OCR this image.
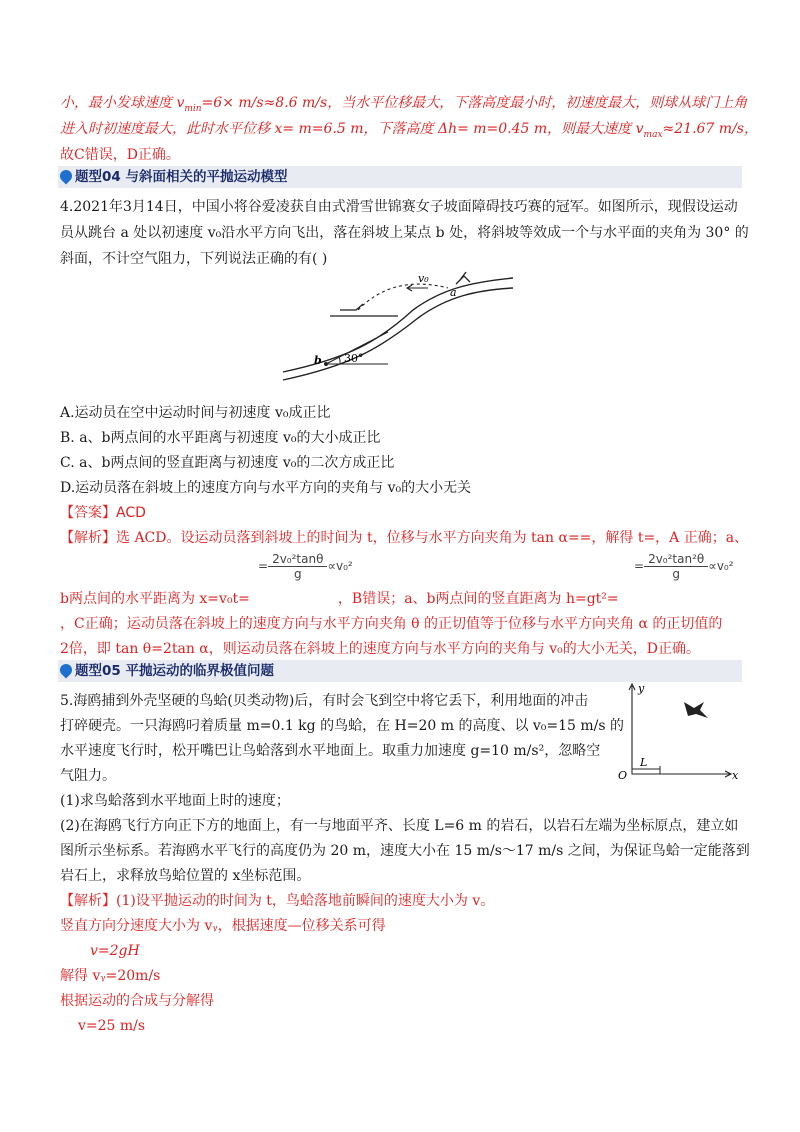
小，最小发球速度 $v_{min}=6\times m/s\approx 8.6$ m/s，当水平位移最大，下落高度最小时，初速度最大，则球从球门上角
进入时初速度最大，此时水平位移 x= m=6.5 m，下落高度 Δh= m=0.45 m，则最大速度 $v_{max}\approx 21.67$ m/s，
故C错误，D正确。
题型04 与斜面相关的平抛运动模型
4.2021年3月14日，中国小将谷爱凌获自由式滑雪世锦赛女子坡面障碍技巧赛的冠军。如图所示，现假设运动
员从跳台 a 处以初速度 v₀沿水平方向飞出，落在斜坡上某点 b 处，将斜坡等效成一个与水平面的夹角为 30° 的
斜面，不计空气阻力，下列说法正确的有( )
v₀
a
b 30°
A.运动员在空中运动时间与初速度 v₀成正比
B. a、b两点间的水平距离与初速度 v₀的大小成正比
C. a、b两点间的竖直距离与初速度 v₀的二次方成正比
D.运动员落在斜坡上的速度方向与水平方向的夹角与 v₀的大小无关
【答案】ACD
【解析】选 ACD。设运动员落到斜坡上的时间为 t，位移与水平方向夹角为 tan α==，解得 t=，A 正确；a、
= $\frac{\text{2v₀²tanθ}}{g} \propto v_0^2$	= $\frac{\text{2v₀²tan²θ}}{g} \propto v_0^2$
b两点间的水平距离为 x=v₀t=	，B错误；a、b两点间的竖直距离为 h=gt²=
，C正确；运动员落在斜坡上的速度方向与水平方向夹角 θ 的正切值等于位移与水平方向夹角 α 的正切值的
2倍，即 tan θ=2tan α，则运动员落在斜坡上的速度方向与水平方向的夹角与 v₀的大小无关，D正确。
题型05 平抛运动的临界极值问题
5.海鸥捕到外壳坚硬的鸟蛤(贝类动物)后，有时会飞到空中将它丢下，利用地面的冲击
打碎硬壳。一只海鸥叼着质量 m=0.1 kg 的鸟蛤，在 H=20 m 的高度、以 v₀=15 m/s 的
水平速度飞行时，松开嘴巴让鸟蛤落到水平地面上。取重力加速度 g=10 m/s²，忽略空
气阻力。
y
x
O
L
(1)求鸟蛤落到水平地面上时的速度；
(2)在海鸥飞行方向正下方的地面上，有一与地面平齐、长度 L=6 m 的岩石，以岩石左端为坐标原点，建立如
图所示坐标系。若海鸥水平飞行的高度仍为 20 m，速度大小在 15 m/s～17 m/s 之间，为保证鸟蛤一定能落到
岩石上，求释放鸟蛤位置的 x坐标范围。
【解析】(1)设平抛运动的时间为 t，鸟蛤落地前瞬间的速度大小为 v。
竖直方向分速度大小为 vᵧ，根据速度—位移关系可得
v=2gH
解得 vᵧ=20m/s
根据运动的合成与分解得
v=25 m/s
